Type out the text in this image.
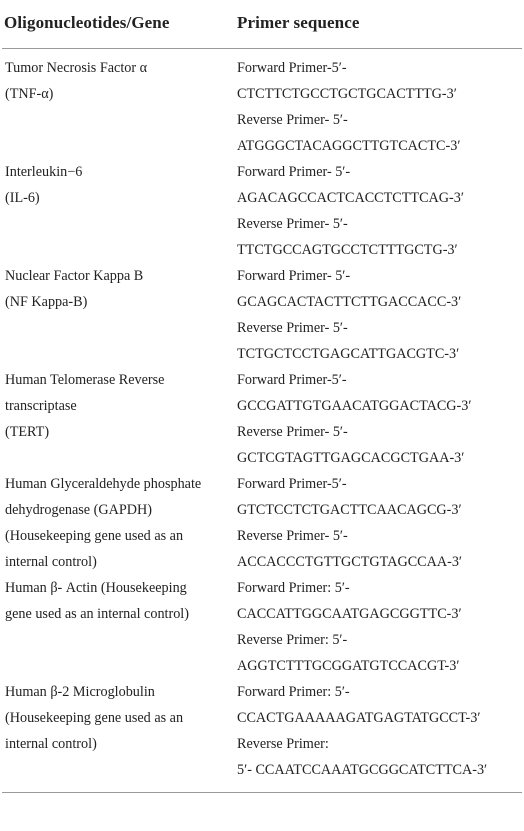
Oligonucleotides/Gene	Primer sequence

Tumor Necrosis Factor α
(TNF-α)	Forward Primer-5′-
CTCTTCTGCCTGCTGCACTTTG-3′
Reverse Primer- 5′-
ATGGGCTACAGGCTTGTCACTC-3′

Interleukin−6
(IL-6)	Forward Primer- 5′-
AGACAGCCACTCACCTCTTCAG-3′
Reverse Primer- 5′-
TTCTGCCAGTGCCTCTTTGCTG-3′

Nuclear Factor Kappa B
(NF Kappa-B)	Forward Primer- 5′-
GCAGCACTACTTCTTGACCACC-3′
Reverse Primer- 5′-
TCTGCTCCTGAGCATTGACGTC-3′

Human Telomerase Reverse
transcriptase
(TERT)	Forward Primer-5′-
GCCGATTGTGAACATGGACTACG-3′
Reverse Primer- 5′-
GCTCGTAGTTGAGCACGCTGAA-3′

Human Glyceraldehyde phosphate
dehydrogenase (GAPDH)
(Housekeeping gene used as an
internal control)	Forward Primer-5′-
GTCTCCTCTGACTTCAACAGCG-3′
Reverse Primer- 5′-
ACCACCCTGTTGCTGTAGCCAA-3′

Human β- Actin (Housekeeping
gene used as an internal control)	Forward Primer: 5′-
CACCATTGGCAATGAGCGGTTC-3′
Reverse Primer: 5′-
AGGTCTTTGCGGATGTCCACGT-3′

Human β-2 Microglobulin
(Housekeeping gene used as an
internal control)	Forward Primer: 5′-
CCACTGAAAAAGATGAGTATGCCT-3′
Reverse Primer:
5′- CCAATCCAAATGCGGCATCTTCA-3′
